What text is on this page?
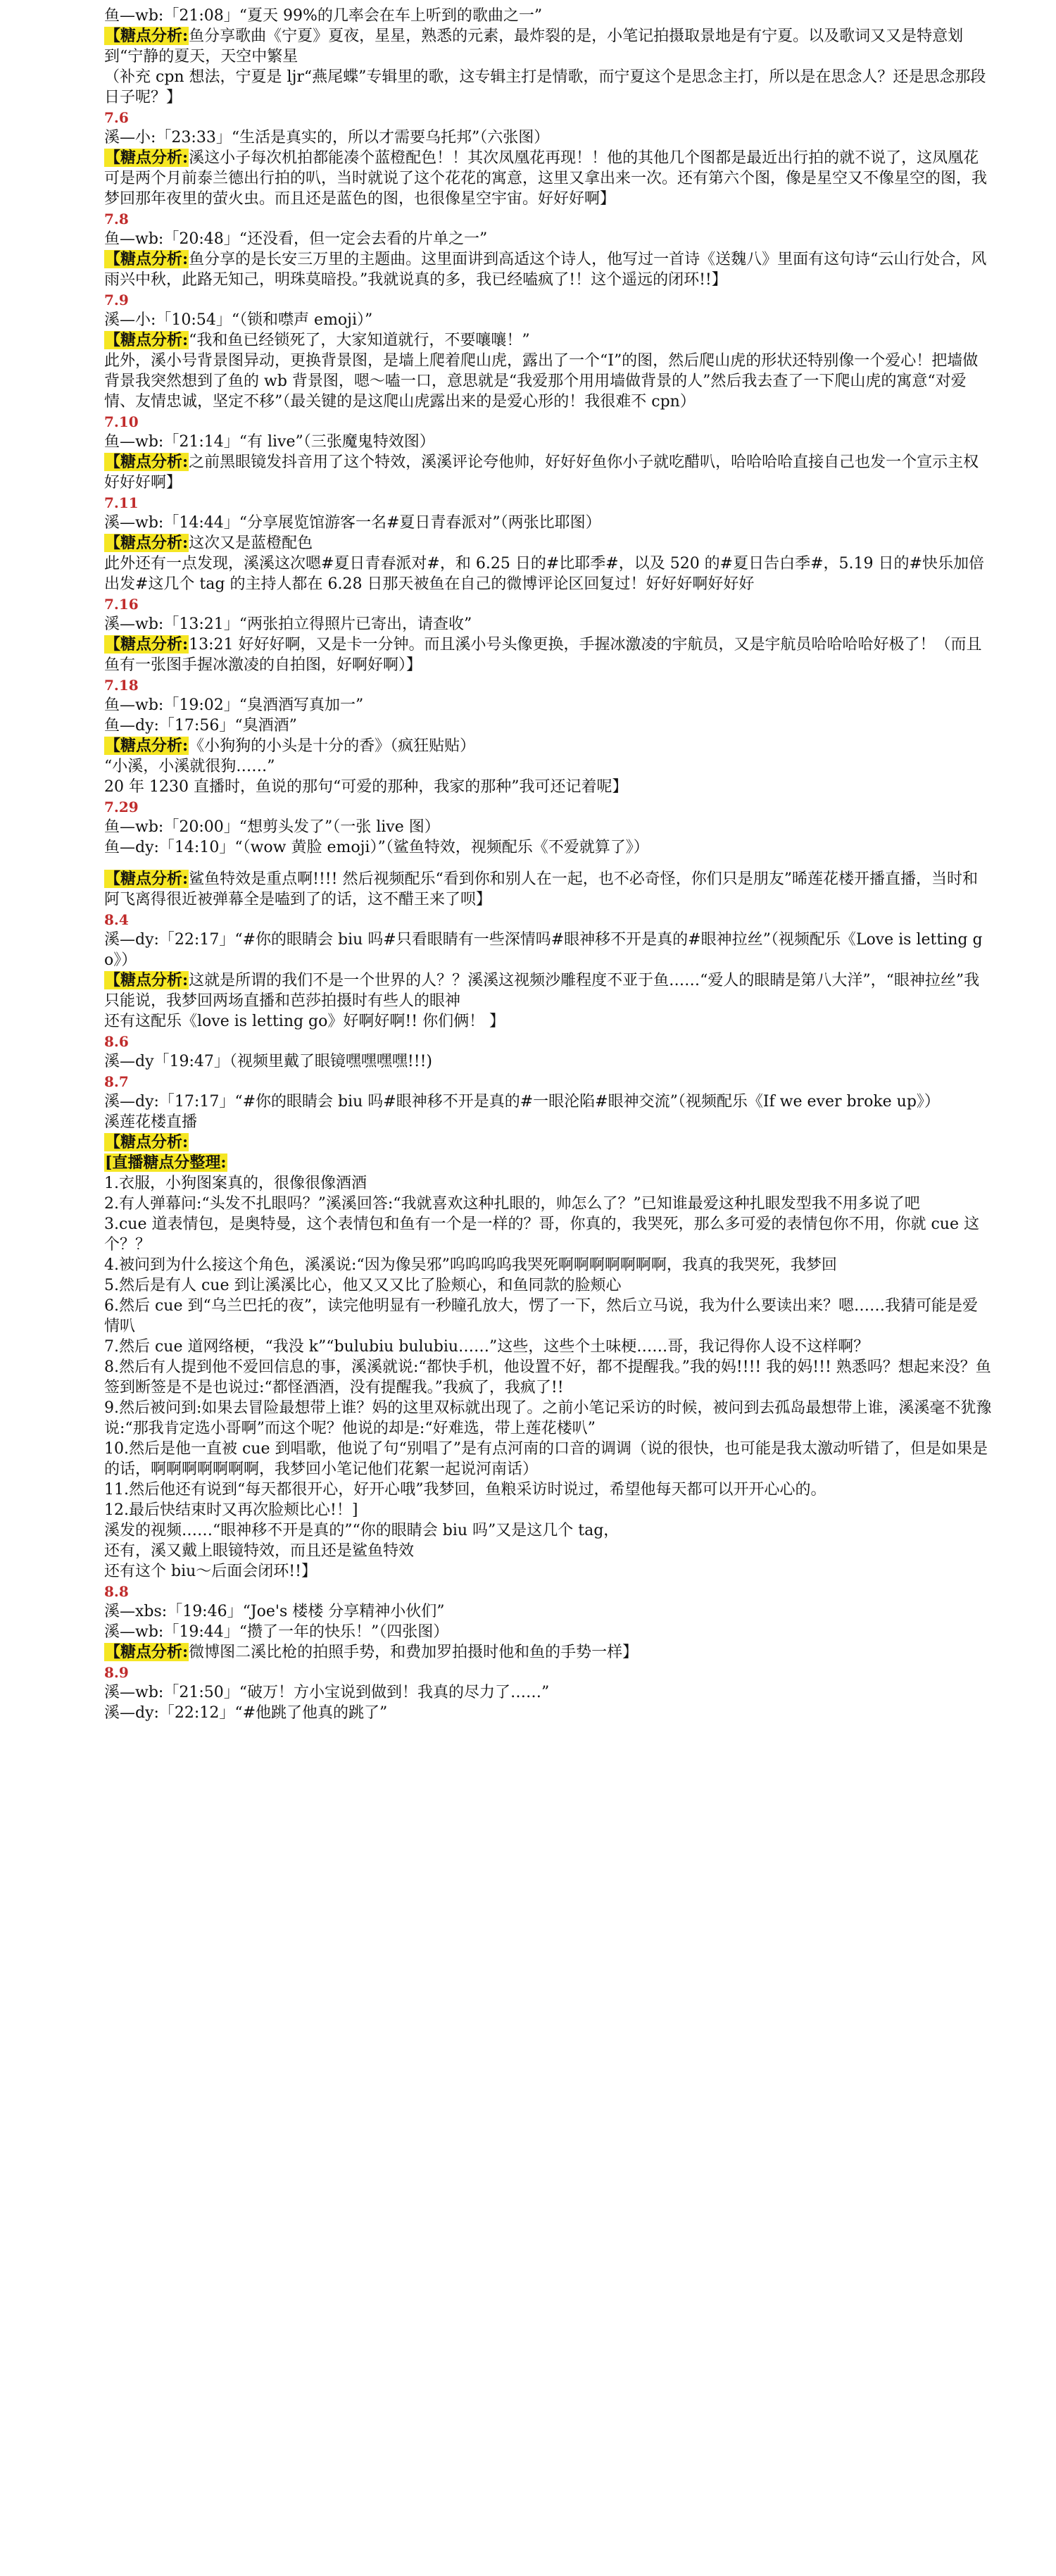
鱼—wb:「21:08」“夏天 99%的几率会在车上听到的歌曲之一”
【糖点分析:鱼分享歌曲《宁夏》夏夜，星星，熟悉的元素，最炸裂的是，小笔记拍摄取景地是有宁夏。以及歌词又又是特意划到“宁静的夏天，天空中繁星
（补充 cpn 想法，宁夏是 ljr“燕尾蝶”专辑里的歌，这专辑主打是情歌，而宁夏这个是思念主打，所以是在思念人？还是思念那段日子呢？】
7.6
溪—小:「23:33」“生活是真实的，所以才需要乌托邦”（六张图）
【糖点分析:溪这小子每次机拍都能凑个蓝橙配色！！其次凤凰花再现！！他的其他几个图都是最近出行拍的就不说了，这凤凰花可是两个月前泰兰德出行拍的叭，当时就说了这个花花的寓意，这里又拿出来一次。还有第六个图，像是星空又不像星空的图，我梦回那年夜里的萤火虫。而且还是蓝色的图，也很像星空宇宙。好好好啊】
7.8
鱼—wb:「20:48」“还没看，但一定会去看的片单之一”
【糖点分析:鱼分享的是长安三万里的主题曲。这里面讲到高适这个诗人，他写过一首诗《送魏八》里面有这句诗“云山行处合，风雨兴中秋，此路无知己，明珠莫暗投。”我就说真的多，我已经嗑疯了!！这个遥远的闭环!!】
7.9
溪—小:「10:54」“（锁和噤声 emoji）”
【糖点分析:“我和鱼已经锁死了，大家知道就行，不要嚷嚷！”
此外，溪小号背景图异动，更换背景图，是墙上爬着爬山虎，露出了一个“I”的图，然后爬山虎的形状还特别像一个爱心！把墙做背景我突然想到了鱼的 wb 背景图，嗯～嗑一口，意思就是“我爱那个用用墙做背景的人”然后我去查了一下爬山虎的寓意“对爱情、友情忠诚，坚定不移”（最关键的是这爬山虎露出来的是爱心形的！我很难不 cpn）
7.10
鱼—wb:「21:14」“有 live”（三张魔鬼特效图）
【糖点分析:之前黑眼镜发抖音用了这个特效，溪溪评论夸他帅，好好好鱼你小子就吃醋叭，哈哈哈哈直接自己也发一个宣示主权好好好啊】
7.11
溪—wb:「14:44」“分享展览馆游客一名#夏日青春派对”（两张比耶图）
【糖点分析:这次又是蓝橙配色
此外还有一点发现，溪溪这次嗯#夏日青春派对#，和 6.25 日的#比耶季#，以及 520 的#夏日告白季#，5.19 日的#快乐加倍出发#这几个 tag 的主持人都在 6.28 日那天被鱼在自己的微博评论区回复过！好好好啊好好好
7.16
溪—wb:「13:21」“两张拍立得照片已寄出，请查收”
【糖点分析:13:21 好好好啊，又是卡一分钟。而且溪小号头像更换，手握冰激凌的宇航员，又是宇航员哈哈哈哈好极了！（而且鱼有一张图手握冰激凌的自拍图，好啊好啊）】
7.18
鱼—wb:「19:02」“臭酒酒写真加一”
鱼—dy:「17:56」“臭酒酒”
【糖点分析:《小狗狗的小头是十分的香》（疯狂贴贴）
“小溪，小溪就很狗……”
20 年 1230 直播时，鱼说的那句“可爱的那种，我家的那种”我可还记着呢】
7.29
鱼—wb:「20:00」“想剪头发了”（一张 live 图）
鱼—dy:「14:10」“（wow 黄脸 emoji）”（鲨鱼特效，视频配乐《不爱就算了》）
【糖点分析:鲨鱼特效是重点啊!!!! 然后视频配乐“看到你和别人在一起，也不必奇怪，你们只是朋友”晞莲花楼开播直播，当时和阿飞离得很近被弹幕全是嗑到了的话，这不醋王来了呗】
8.4
溪—dy:「22:17」“#你的眼睛会 biu 吗#只看眼睛有一些深情吗#眼神移不开是真的#眼神拉丝”（视频配乐《Love is letting go》）
【糖点分析:这就是所谓的我们不是一个世界的人？？溪溪这视频沙雕程度不亚于鱼……“爱人的眼睛是第八大洋”，“眼神拉丝”我只能说，我梦回两场直播和芭莎拍摄时有些人的眼神
还有这配乐《love is letting go》好啊好啊!! 你们俩！ 】
8.6
溪—dy「19:47」（视频里戴了眼镜嘿嘿嘿嘿!!!)
8.7
溪—dy:「17:17」“#你的眼睛会 biu 吗#眼神移不开是真的#一眼沦陷#眼神交流”（视频配乐《If we ever broke up》）
溪莲花楼直播
【糖点分析:
[直播糖点分整理:
1.衣服，小狗图案真的，很像很像酒酒
2.有人弹幕问:“头发不扎眼吗？”溪溪回答:“我就喜欢这种扎眼的，帅怎么了？”已知谁最爱这种扎眼发型我不用多说了吧
3.cue 道表情包，是奥特曼，这个表情包和鱼有一个是一样的？哥，你真的，我哭死，那么多可爱的表情包你不用，你就 cue 这个？？
4.被问到为什么接这个角色，溪溪说:“因为像吴邪”呜呜呜呜我哭死啊啊啊啊啊啊啊，我真的我哭死，我梦回
5.然后是有人 cue 到让溪溪比心，他又又又比了脸颊心，和鱼同款的脸颊心
6.然后 cue 到“乌兰巴托的夜”，读完他明显有一秒瞳孔放大，愣了一下，然后立马说，我为什么要读出来？嗯……我猜可能是爱情叭
7.然后 cue 道网络梗，“我没 k”“bulubiu bulubiu……”这些，这些个土味梗……哥，我记得你人设不这样啊？
8.然后有人提到他不爱回信息的事，溪溪就说:“都快手机，他设置不好，都不提醒我。”我的妈!!!! 我的妈!!! 熟悉吗？想起来没？鱼签到断签是不是也说过:“都怪酒酒，没有提醒我。”我疯了，我疯了!!
9.然后被问到:如果去冒险最想带上谁？妈的这里双标就出现了。之前小笔记采访的时候，被问到去孤岛最想带上谁，溪溪毫不犹豫说:“那我肯定选小哥啊”而这个呢？他说的却是:“好难选，带上莲花楼叭”
10.然后是他一直被 cue 到唱歌，他说了句“别唱了”是有点河南的口音的调调（说的很快，也可能是我太激动听错了，但是如果是的话，啊啊啊啊啊啊啊，我梦回小笔记他们花絮一起说河南话）
11.然后他还有说到“每天都很开心，好开心哦”我梦回，鱼粮采访时说过，希望他每天都可以开开心心的。
12.最后快结束时又再次脸颊比心!！]
溪发的视频……“眼神移不开是真的”“你的眼睛会 biu 吗”又是这几个 tag，
还有，溪又戴上眼镜特效，而且还是鲨鱼特效
还有这个 biu～后面会闭环!!】
8.8
溪—xbs:「19:46」“Joe's 楼楼 分享精神小伙们”
溪—wb:「19:44」“攒了一年的快乐！”（四张图）
【糖点分析:微博图二溪比枪的拍照手势，和费加罗拍摄时他和鱼的手势一样】
8.9
溪—wb:「21:50」“破万！方小宝说到做到！我真的尽力了……”
溪—dy:「22:12」“#他跳了他真的跳了”
